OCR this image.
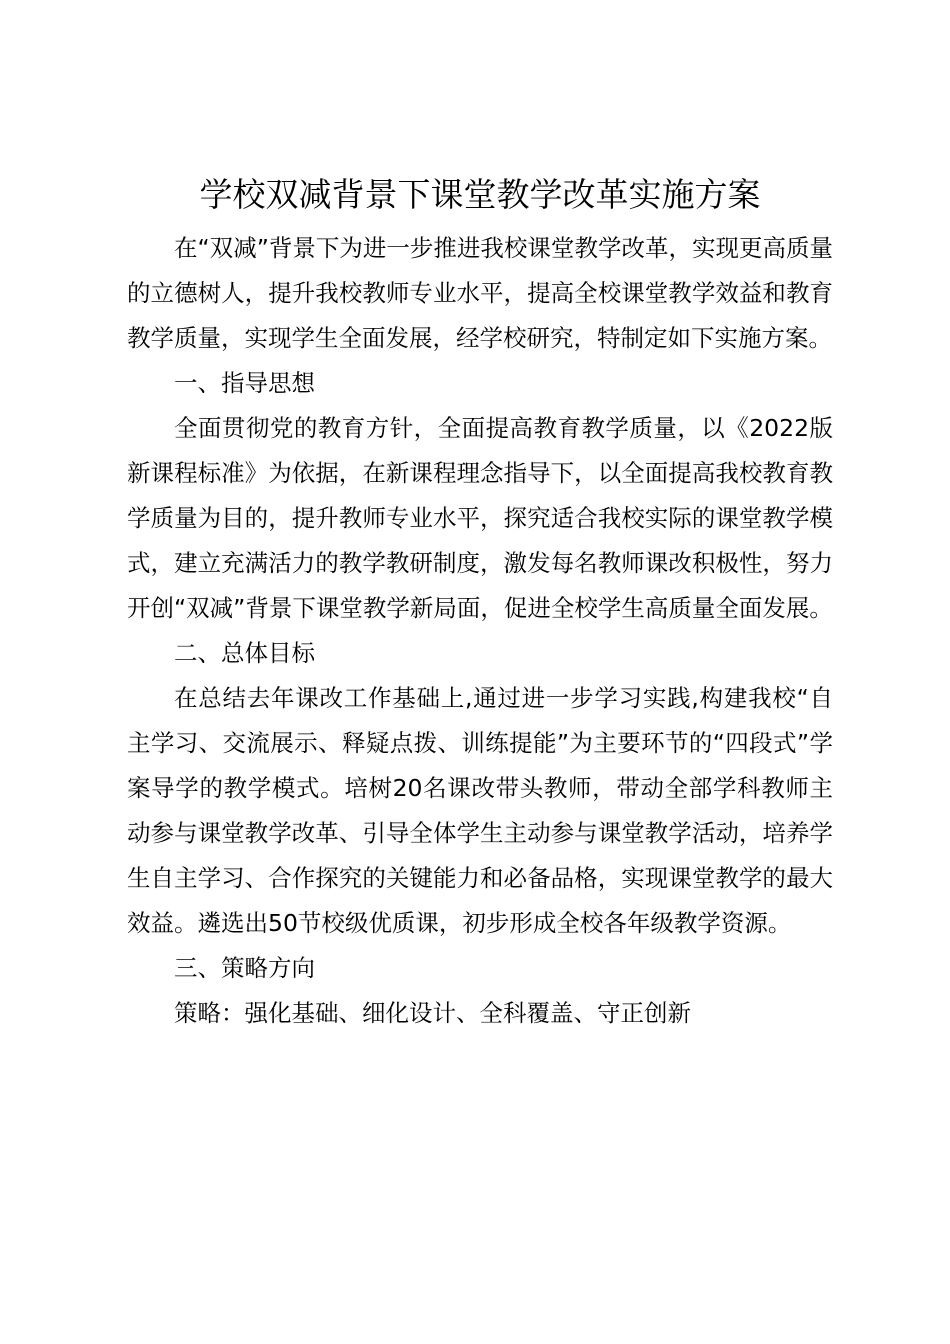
学校双减背景下课堂教学改革实施方案

在“双减”背景下为进一步推进我校课堂教学改革，实现更高质量的立德树人，提升我校教师专业水平，提高全校课堂教学效益和教育教学质量，实现学生全面发展，经学校研究，特制定如下实施方案。

一、指导思想

全面贯彻党的教育方针，全面提高教育教学质量，以《2022版新课程标准》为依据，在新课程理念指导下，以全面提高我校教育教学质量为目的，提升教师专业水平，探究适合我校实际的课堂教学模式，建立充满活力的教学教研制度，激发每名教师课改积极性，努力开创“双减”背景下课堂教学新局面，促进全校学生高质量全面发展。

二、总体目标

在总结去年课改工作基础上,通过进一步学习实践,构建我校“自主学习、交流展示、释疑点拨、训练提能”为主要环节的“四段式”学案导学的教学模式。培树20名课改带头教师，带动全部学科教师主动参与课堂教学改革、引导全体学生主动参与课堂教学活动，培养学生自主学习、合作探究的关键能力和必备品格，实现课堂教学的最大效益。遴选出50节校级优质课，初步形成全校各年级教学资源。

三、策略方向

策略：强化基础、细化设计、全科覆盖、守正创新
